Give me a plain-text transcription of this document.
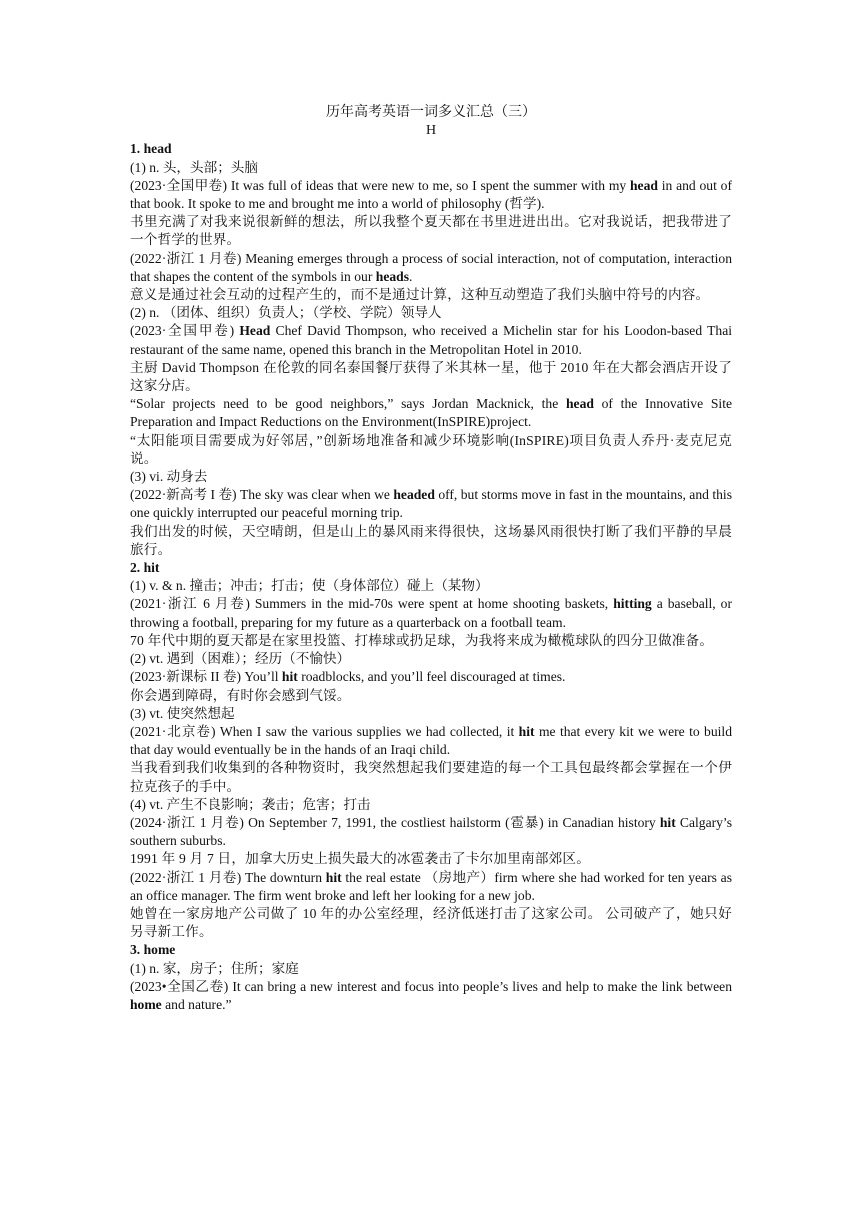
历年高考英语一词多义汇总（三）
H
1. head
(1) n. 头，头部；头脑
(2023·全国甲卷) It was full of ideas that were new to me, so I spent the summer with my head in and out of that book. It spoke to me and brought me into a world of philosophy (哲学).
书里充满了对我来说很新鲜的想法，所以我整个夏天都在书里进进出出。它对我说话，把我带进了一个哲学的世界。
(2022·浙江 1 月卷) Meaning emerges through a process of social interaction, not of computation, interaction that shapes the content of the symbols in our heads.
意义是通过社会互动的过程产生的，而不是通过计算，这种互动塑造了我们头脑中符号的内容。
(2) n. （团体、组织）负责人；（学校、学院）领导人
(2023·全国甲卷) Head Chef David Thompson, who received a Michelin star for his Loodon-based Thai restaurant of the same name, opened this branch in the Metropolitan Hotel in 2010.
主厨 David Thompson 在伦敦的同名泰国餐厅获得了米其林一星，他于 2010 年在大都会酒店开设了这家分店。
“Solar projects need to be good neighbors,” says Jordan Macknick, the head of the Innovative Site Preparation and Impact Reductions on the Environment(InSPIRE)project.
“太阳能项目需要成为好邻居，”创新场地准备和减少环境影响(InSPIRE)项目负责人乔丹·麦克尼克说。
(3) vi. 动身去
(2022·新高考 I 卷) The sky was clear when we headed off, but storms move in fast in the mountains, and this one quickly interrupted our peaceful morning trip.
我们出发的时候，天空晴朗，但是山上的暴风雨来得很快，这场暴风雨很快打断了我们平静的早晨旅行。
2. hit
(1) v. & n. 撞击；冲击；打击；使（身体部位）碰上（某物）
(2021·浙江 6 月卷) Summers in the mid-70s were spent at home shooting baskets, hitting a baseball, or throwing a football, preparing for my future as a quarterback on a football team.
70 年代中期的夏天都是在家里投篮、打棒球或扔足球，为我将来成为橄榄球队的四分卫做准备。
(2) vt. 遇到（困难）；经历（不愉快）
(2023·新课标 II 卷) You’ll hit roadblocks, and you’ll feel discouraged at times.
你会遇到障碍，有时你会感到气馁。
(3) vt. 使突然想起
(2021·北京卷) When I saw the various supplies we had collected, it hit me that every kit we were to build that day would eventually be in the hands of an Iraqi child.
当我看到我们收集到的各种物资时，我突然想起我们要建造的每一个工具包最终都会掌握在一个伊拉克孩子的手中。
(4) vt. 产生不良影响；袭击；危害；打击
(2024·浙江 1 月卷) On September 7, 1991, the costliest hailstorm (雹暴) in Canadian history hit Calgary’s southern suburbs.
1991 年 9 月 7 日，加拿大历史上损失最大的冰雹袭击了卡尔加里南部郊区。
(2022·浙江 1 月卷) The downturn hit the real estate （房地产）firm where she had worked for ten years as an office manager. The firm went broke and left her looking for a new job.
她曾在一家房地产公司做了 10 年的办公室经理，经济低迷打击了这家公司。 公司破产了，她只好另寻新工作。
3. home
(1) n. 家，房子；住所；家庭
(2023•全国乙卷) It can bring a new interest and focus into people’s lives and help to make the link between home and nature.”
